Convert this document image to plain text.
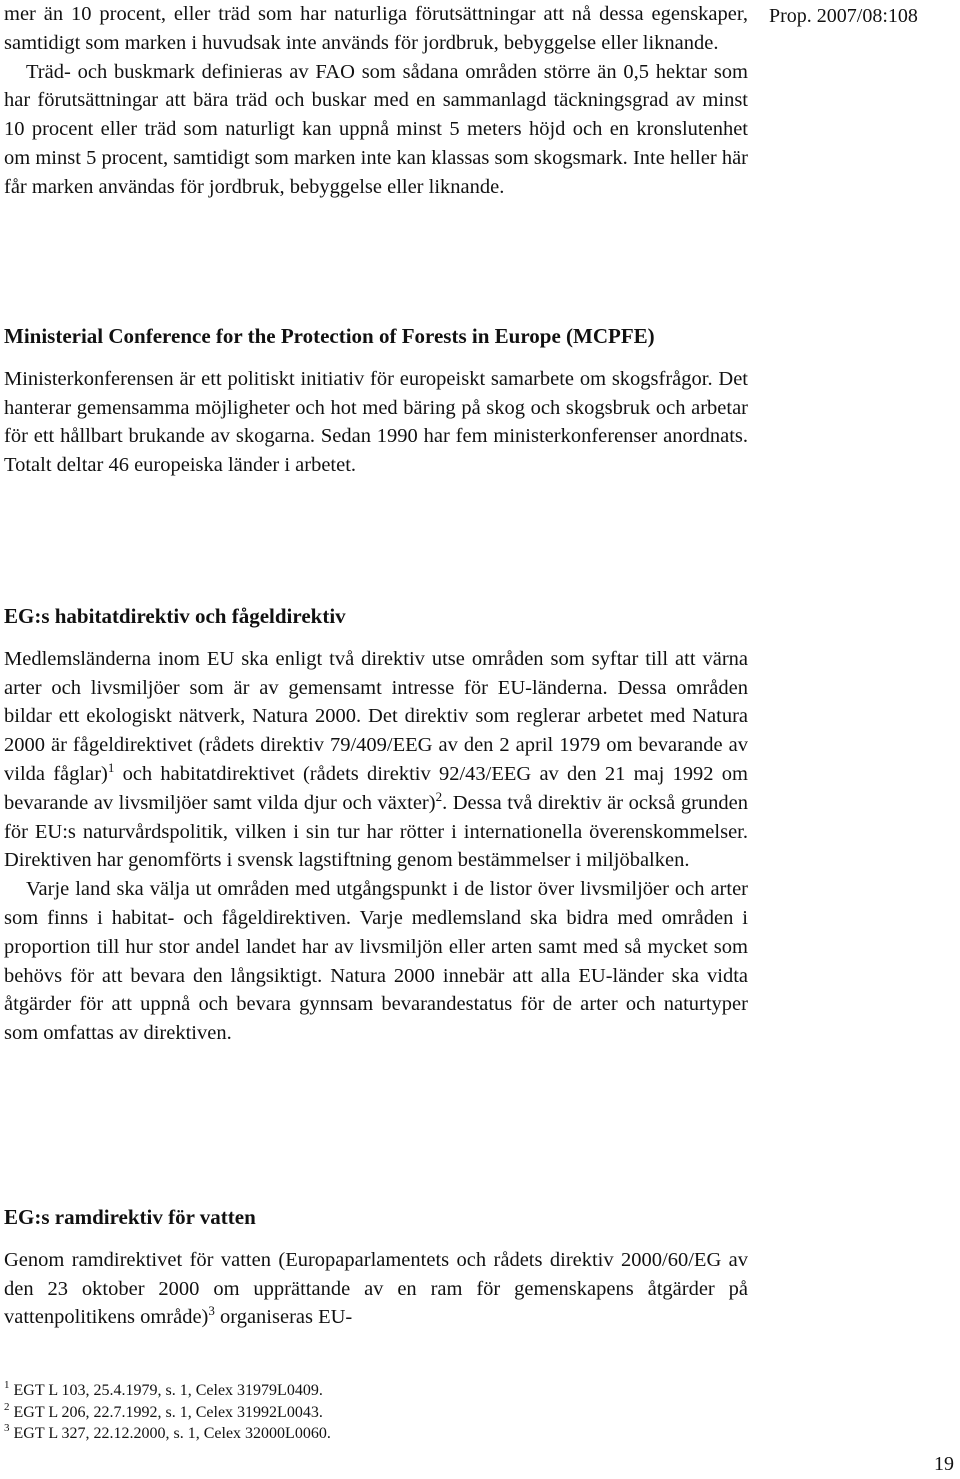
Prop. 2007/08:108

mer än 10 procent, eller träd som har naturliga förutsättningar att nå dessa egenskaper, samtidigt som marken i huvudsak inte används för jordbruk, bebyggelse eller liknande.

Träd- och buskmark definieras av FAO som sådana områden större än 0,5 hektar som har förutsättningar att bära träd och buskar med en sammanlagd täckningsgrad av minst 10 procent eller träd som naturligt kan uppnå minst 5 meters höjd och en kronslutenhet om minst 5 procent, samtidigt som marken inte kan klassas som skogsmark. Inte heller här får marken användas för jordbruk, bebyggelse eller liknande.

Ministerial Conference for the Protection of Forests in Europe (MCPFE)

Ministerkonferensen är ett politiskt initiativ för europeiskt samarbete om skogsfrågor. Det hanterar gemensamma möjligheter och hot med bäring på skog och skogsbruk och arbetar för ett hållbart brukande av skogarna. Sedan 1990 har fem ministerkonferenser anordnats. Totalt deltar 46 europeiska länder i arbetet.

EG:s habitatdirektiv och fågeldirektiv

Medlemsländerna inom EU ska enligt två direktiv utse områden som syftar till att värna arter och livsmiljöer som är av gemensamt intresse för EU-länderna. Dessa områden bildar ett ekologiskt nätverk, Natura 2000. Det direktiv som reglerar arbetet med Natura 2000 är fågeldirektivet (rådets direktiv 79/409/EEG av den 2 april 1979 om bevarande av vilda fåglar)$^1$ och habitatdirektivet (rådets direktiv 92/43/EEG av den 21 maj 1992 om bevarande av livsmiljöer samt vilda djur och växter)$^2$. Dessa två direktiv är också grunden för EU:s naturvårdspolitik, vilken i sin tur har rötter i internationella överenskommelser. Direktiven har genomförts i svensk lagstiftning genom bestämmelser i miljöbalken.

Varje land ska välja ut områden med utgångspunkt i de listor över livsmiljöer och arter som finns i habitat- och fågeldirektiven. Varje medlemsland ska bidra med områden i proportion till hur stor andel landet har av livsmiljön eller arten samt med så mycket som behövs för att bevara den långsiktigt. Natura 2000 innebär att alla EU-länder ska vidta åtgärder för att uppnå och bevara gynnsam bevarandestatus för de arter och naturtyper som omfattas av direktiven.

EG:s ramdirektiv för vatten

Genom ramdirektivet för vatten (Europaparlamentets och rådets direktiv 2000/60/EG av den 23 oktober 2000 om upprättande av en ram för gemenskapens åtgärder på vattenpolitikens område)$^3$ organiseras EU-

$^1$ EGT L 103, 25.4.1979, s. 1, Celex 31979L0409.

$^2$ EGT L 206, 22.7.1992, s. 1, Celex 31992L0043.

$^3$ EGT L 327, 22.12.2000, s. 1, Celex 32000L0060.

19
